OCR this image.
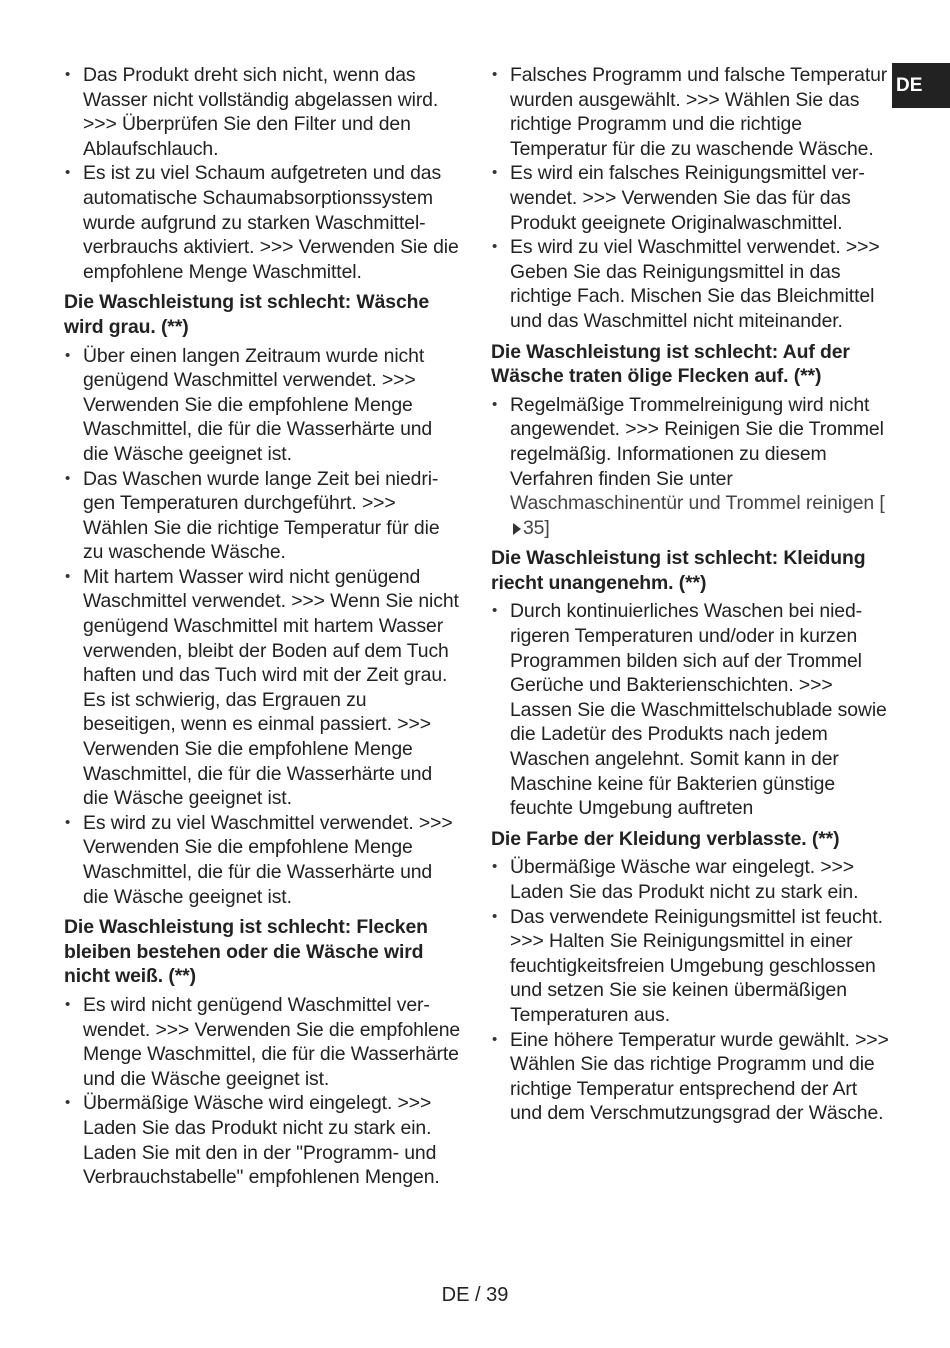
DE
• Das Produkt dreht sich nicht, wenn das Wasser nicht vollständig abgelassen wird. >>> Überprüfen Sie den Filter und den Ablaufschlauch.
• Es ist zu viel Schaum aufgetreten und das automatische Schaumabsorptionssystem wurde aufgrund zu starken Waschmittelverbrauchs aktiviert. >>> Verwenden Sie die empfohlene Menge Waschmittel.
Die Waschleistung ist schlecht: Wäsche wird grau. (**)
• Über einen langen Zeitraum wurde nicht genügend Waschmittel verwendet. >>> Verwenden Sie die empfohlene Menge Waschmittel, die für die Wasserhärte und die Wäsche geeignet ist.
• Das Waschen wurde lange Zeit bei niedrigen Temperaturen durchgeführt. >>> Wählen Sie die richtige Temperatur für die zu waschende Wäsche.
• Mit hartem Wasser wird nicht genügend Waschmittel verwendet. >>> Wenn Sie nicht genügend Waschmittel mit hartem Wasser verwenden, bleibt der Boden auf dem Tuch haften und das Tuch wird mit der Zeit grau. Es ist schwierig, das Ergrauen zu beseitigen, wenn es einmal passiert. >>> Verwenden Sie die empfohlene Menge Waschmittel, die für die Wasserhärte und die Wäsche geeignet ist.
• Es wird zu viel Waschmittel verwendet. >>> Verwenden Sie die empfohlene Menge Waschmittel, die für die Wasserhärte und die Wäsche geeignet ist.
Die Waschleistung ist schlecht: Flecken bleiben bestehen oder die Wäsche wird nicht weiß. (**)
• Es wird nicht genügend Waschmittel verwendet. >>> Verwenden Sie die empfohlene Menge Waschmittel, die für die Wasserhärte und die Wäsche geeignet ist.
• Übermäßige Wäsche wird eingelegt. >>> Laden Sie das Produkt nicht zu stark ein. Laden Sie mit den in der "Programm- und Verbrauchstabelle" empfohlenen Mengen.
• Falsches Programm und falsche Temperatur wurden ausgewählt. >>> Wählen Sie das richtige Programm und die richtige Temperatur für die zu waschende Wäsche.
• Es wird ein falsches Reinigungsmittel verwendet. >>> Verwenden Sie das für das Produkt geeignete Originalwaschmittel.
• Es wird zu viel Waschmittel verwendet. >>> Geben Sie das Reinigungsmittel in das richtige Fach. Mischen Sie das Bleichmittel und das Waschmittel nicht miteinander.
Die Waschleistung ist schlecht: Auf der Wäsche traten ölige Flecken auf. (**)
• Regelmäßige Trommelreinigung wird nicht angewendet. >>> Reinigen Sie die Trommel regelmäßig. Informationen zu diesem Verfahren finden Sie unter Waschmaschinentür und Trommel reinigen [35]
Die Waschleistung ist schlecht: Kleidung riecht unangenehm. (**)
• Durch kontinuierliches Waschen bei niedrigeren Temperaturen und/oder in kurzen Programmen bilden sich auf der Trommel Gerüche und Bakterienschichten. >>> Lassen Sie die Waschmittelschublade sowie die Ladetür des Produkts nach jedem Waschen angelehnt. Somit kann in der Maschine keine für Bakterien günstige feuchte Umgebung auftreten
Die Farbe der Kleidung verblasste. (**)
• Übermäßige Wäsche war eingelegt. >>> Laden Sie das Produkt nicht zu stark ein.
• Das verwendete Reinigungsmittel ist feucht. >>> Halten Sie Reinigungsmittel in einer feuchtigkeitsfreien Umgebung geschlossen und setzen Sie sie keinen übermäßigen Temperaturen aus.
• Eine höhere Temperatur wurde gewählt. >>> Wählen Sie das richtige Programm und die richtige Temperatur entsprechend der Art und dem Verschmutzungsgrad der Wäsche.
DE / 39
